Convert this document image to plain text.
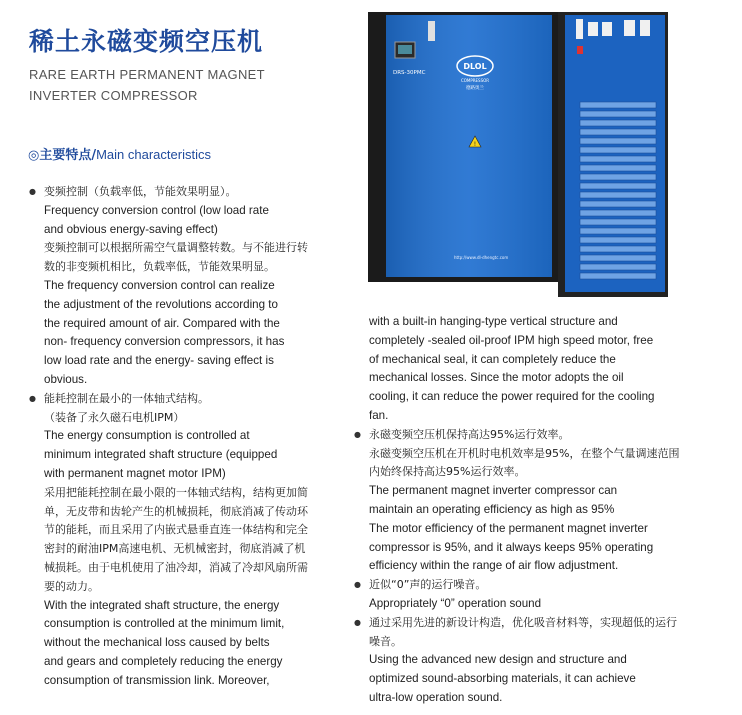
稀土永磁变频空压机
RARE EARTH PERMANENT MAGNET
INVERTER COMPRESSOR
◎主要特点/Main characteristics
DRS-30PMC
DLOL
COMPRESSOR
德路奥兰
!
http://www.dl-dhengtc.com
● 变频控制（负载率低，节能效果明显）。
Frequency conversion control (low load rate
and obvious energy-saving effect)
变频控制可以根据所需空气量调整转数。与不能进行转
数的非变频机相比，负载率低，节能效果明显。
The frequency conversion control can realize
the adjustment of the revolutions according to
the required amount of air. Compared with the
non- frequency conversion compressors, it has
low load rate and the energy- saving effect is
obvious.
● 能耗控制在最小的一体轴式结构。
（装备了永久磁石电机IPM）
The energy consumption is controlled at
minimum integrated shaft structure (equipped
with permanent magnet motor IPM)
采用把能耗控制在最小限的一体轴式结构，结构更加简
单，无皮带和齿轮产生的机械损耗，彻底消减了传动环
节的能耗，而且采用了内嵌式悬垂直连一体结构和完全
密封的耐油IPM高速电机、无机械密封，彻底消减了机
械损耗。由于电机使用了油冷却，消减了冷却风扇所需
要的动力。
With the integrated shaft structure, the energy
consumption is controlled at the minimum limit,
without the mechanical loss caused by belts
and gears and completely reducing the energy
consumption of transmission link. Moreover,
with a built-in hanging-type vertical structure and
completely -sealed oil-proof IPM high speed motor, free
of mechanical seal, it can completely reduce the
mechanical losses. Since the motor adopts the oil
cooling, it can reduce the power required for the cooling
fan.
● 永磁变频空压机保持高达95%运行效率。
永磁变频空压机在开机时电机效率是95%，在整个气量调速范围
内始终保持高达95%运行效率。
The permanent magnet inverter compressor can
maintain an operating efficiency as high as 95%
The motor efficiency of the permanent magnet inverter
compressor is 95%, and it always keeps 95% operating
efficiency within the range of air flow adjustment.
● 近似“0”声的运行噪音。
Appropriately “0” operation sound
● 通过采用先进的新设计构造，优化吸音材料等，实现超低的运行
噪音。
Using the advanced new design and structure and
optimized sound-absorbing materials, it can achieve
ultra-low operation sound.
